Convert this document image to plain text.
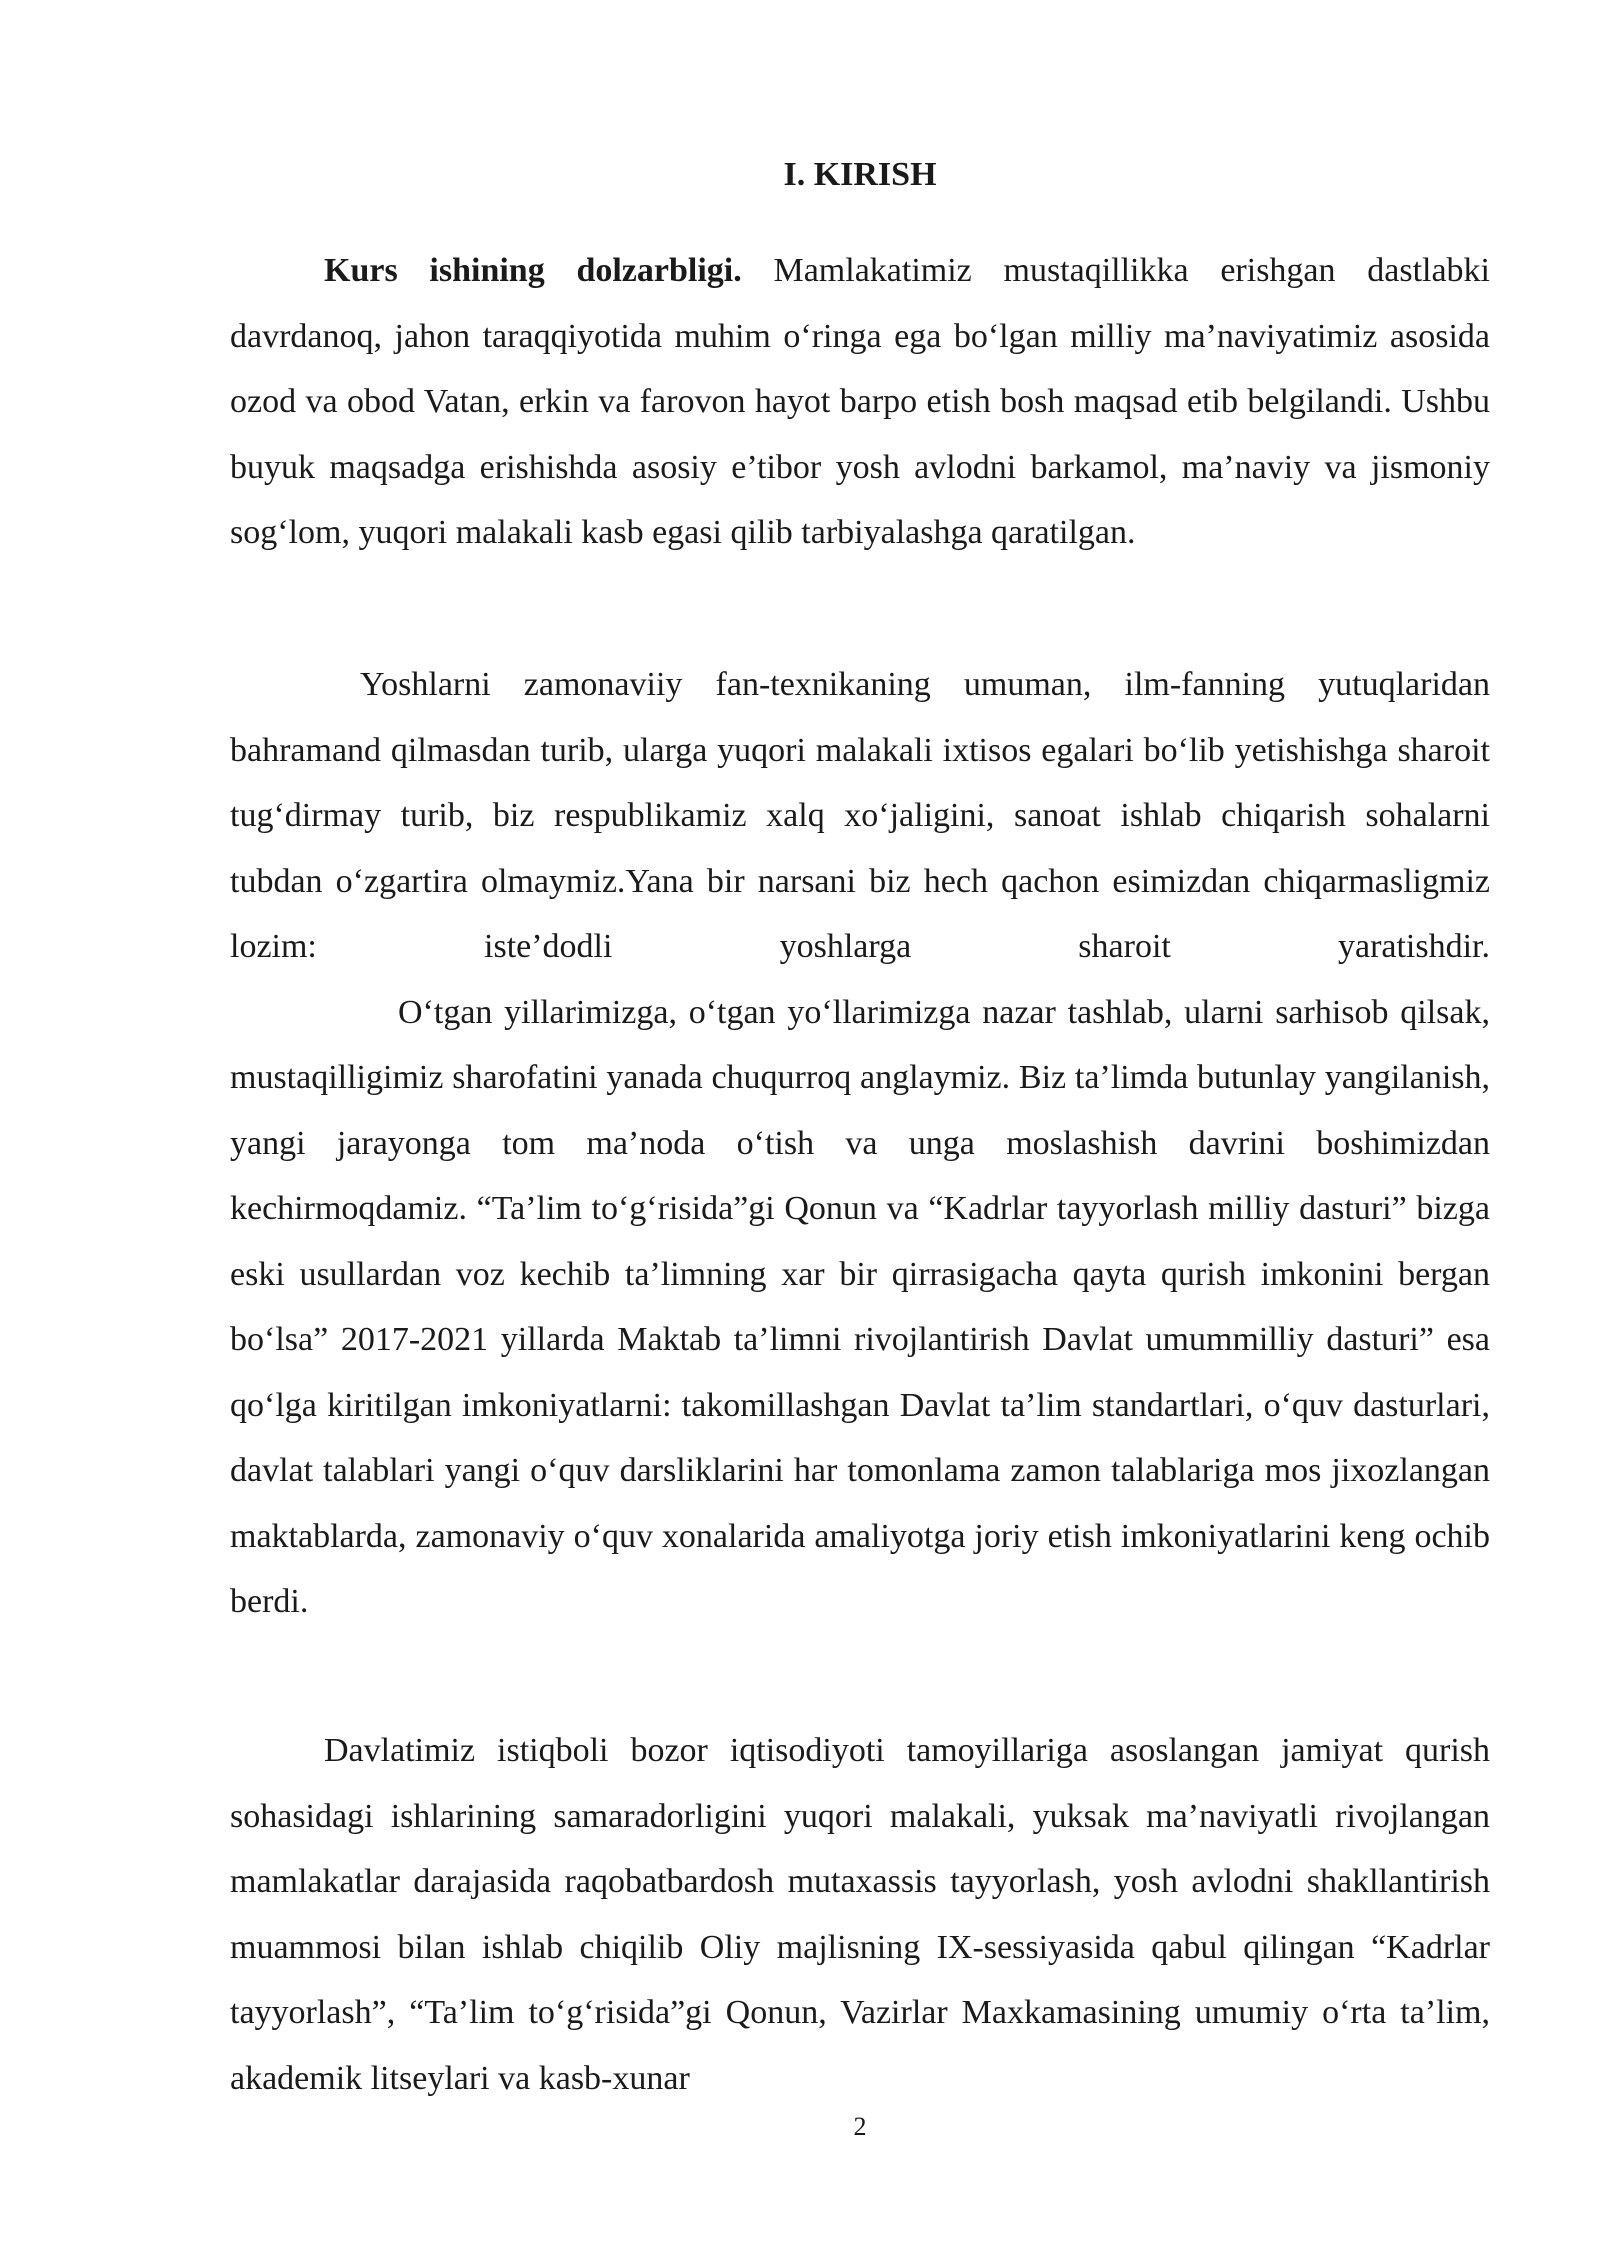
I. KIRISH

Kurs ishining dolzarbligi. Mamlakatimiz mustaqillikka erishgan dastlabki davrdanoq, jahon taraqqiyotida muhim o‘ringa ega bo‘lgan milliy ma’naviyatimiz asosida ozod va obod Vatan, erkin va farovon hayot barpo etish bosh maqsad etib belgilandi. Ushbu buyuk maqsadga erishishda asosiy e’tibor yosh avlodni barkamol, ma’naviy va jismoniy sog‘lom, yuqori malakali kasb egasi qilib tarbiyalashga qaratilgan.

Yoshlarni zamonaviiy fan-texnikaning umuman, ilm-fanning yutuqlaridan bahramand qilmasdan turib, ularga yuqori malakali ixtisos egalari bo‘lib yetishishga sharoit tug‘dirmay turib, biz respublikamiz xalq xo‘jaligini, sanoat ishlab chiqarish sohalarni tubdan o‘zgartira olmaymiz.Yana bir narsani biz hech qachon esimizdan chiqarmasligmiz lozim: iste’dodli yoshlarga sharoit yaratishdir.
O‘tgan yillarimizga, o‘tgan yo‘llarimizga nazar tashlab, ularni sarhisob qilsak, mustaqilligimiz sharofatini yanada chuqurroq anglaymiz. Biz ta’limda butunlay yangilanish, yangi jarayonga tom ma’noda o‘tish va unga moslashish davrini boshimizdan kechirmoqdamiz. “Ta’lim to‘g‘risida”gi Qonun va “Kadrlar tayyorlash milliy dasturi” bizga eski usullardan voz kechib ta’limning xar bir qirrasigacha qayta qurish imkonini bergan bo‘lsa” 2017-2021 yillarda Maktab ta’limni rivojlantirish Davlat umummilliy dasturi” esa qo‘lga kiritilgan imkoniyatlarni: takomillashgan Davlat ta’lim standartlari, o‘quv dasturlari, davlat talablari yangi o‘quv darsliklarini har tomonlama zamon talablariga mos jixozlangan maktablarda, zamonaviy o‘quv xonalarida amaliyotga joriy etish imkoniyatlarini keng ochib berdi.

Davlatimiz istiqboli bozor iqtisodiyoti tamoyillariga asoslangan jamiyat qurish sohasidagi ishlarining samaradorligini yuqori malakali, yuksak ma’naviyatli rivojlangan mamlakatlar darajasida raqobatbardosh mutaxassis tayyorlash, yosh avlodni shakllantirish muammosi bilan ishlab chiqilib Oliy majlisning IX-sessiyasida qabul qilingan “Kadrlar tayyorlash”, “Ta’lim to‘g‘risida”gi Qonun, Vazirlar Maxkamasining umumiy o‘rta ta’lim, akademik litseylari va kasb-xunar

2
